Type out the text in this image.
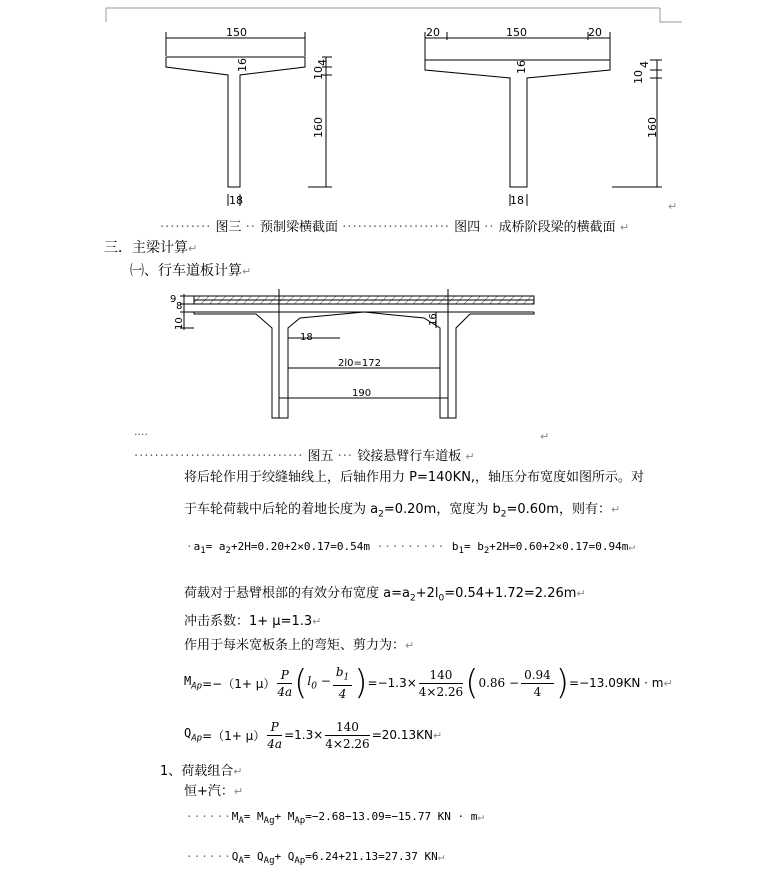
150
16
10
4
160
18
20	150	20
16
10
4
160
18
·········· 图三 ·· 预制梁横截面 ····················· 图四 ·· 成桥阶段梁的横截面 ↵
↵
三．主梁计算↵
㈠、行车道板计算↵
9
8
10	16
18
2l0=172
190
····	↵
································· 图五 ··· 铰接悬臂行车道板 ↵
将后轮作用于绞缝轴线上，后轴作用力 P=140KN,，轴压分布宽度如图所示。对
于车轮荷载中后轮的着地长度为 $a_2=0.20m$，宽度为 $b_2=0.60m$，则有：↵
$\cdot a_1= a_2+2H=0.20+2\times 0.17=0.54m$ ········· $b_1=$ $b_2+2H=0.60+2\times 0.17=0.94m↵$
荷载对于悬臂根部的有效分布宽度 $a=a_2+2l_0=0.54+1.72=2.26m↵$
冲击系数：1+ μ=1.3↵
作用于每米宽板条上的弯矩、剪力为：↵
$M_{Ap} =-(1+ \mu) \frac{P}{4a}$ ( $l_0 - \frac{b_1}{4}$ ) $=-1.3\times \frac{140}{4\times 2.26}$ ( $0.86 - \frac{0.94}{4}$ ) =−13.09KN · m ↵
$Q_{Ap} =(1+ \mu) \frac{P}{4a} =1.3\times \frac{140}{4\times 2.26} =20.13KN$ ↵
1、荷载组合↵
恒+汽：↵
$\cdot\cdot\cdot\cdot\cdot\cdot M_A= M_{Ag}+ M_{Ap}=-2.68-13.09=-15.77$ KN · m↵
$\cdot\cdot\cdot\cdot\cdot\cdot Q_A= Q_{Ag}+ Q_{Ap}=6.24+21.13=27.37$ KN↵
